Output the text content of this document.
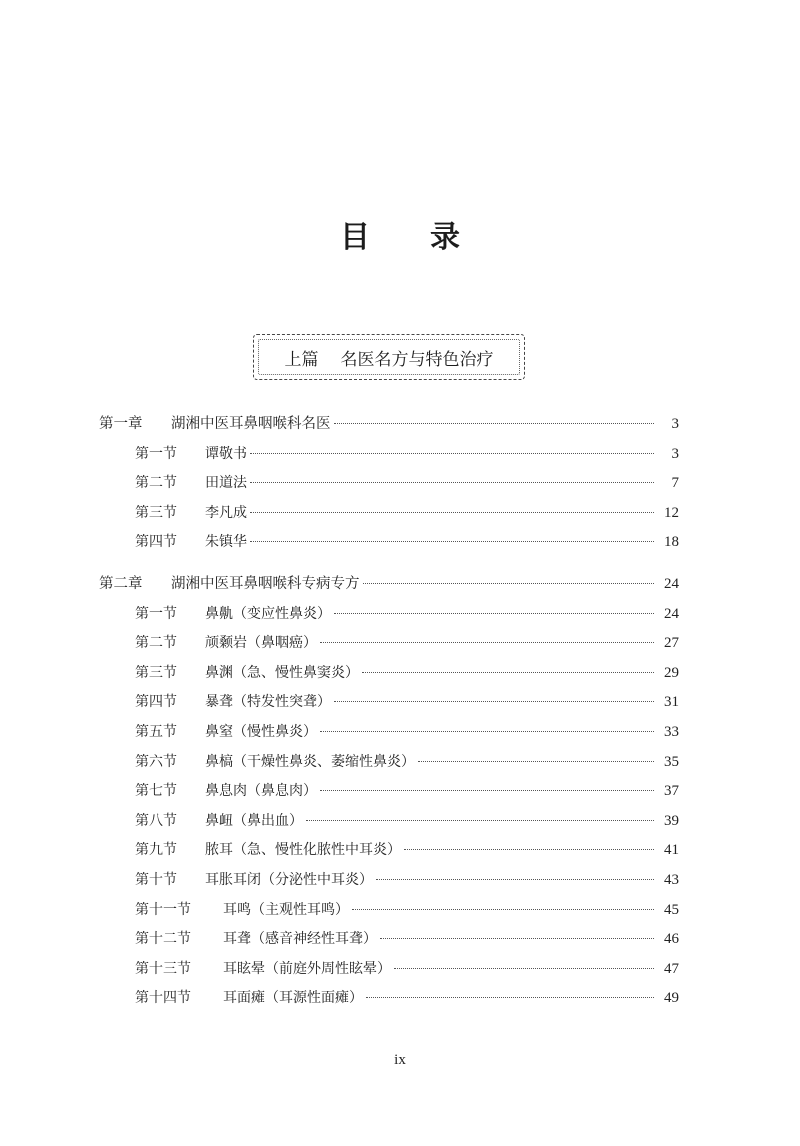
目 录
上篇 名医名方与特色治疗
第一章	湖湘中医耳鼻咽喉科名医	3
第一节	谭敬书	3
第二节	田道法	7
第三节	李凡成	12
第四节	朱镇华	18
第二章	湖湘中医耳鼻咽喉科专病专方	24
第一节	鼻鼽（变应性鼻炎）	24
第二节	颃颡岩（鼻咽癌）	27
第三节	鼻渊（急、慢性鼻窦炎）	29
第四节	暴聋（特发性突聋）	31
第五节	鼻窒（慢性鼻炎）	33
第六节	鼻槁（干燥性鼻炎、萎缩性鼻炎）	35
第七节	鼻息肉（鼻息肉）	37
第八节	鼻衄（鼻出血）	39
第九节	脓耳（急、慢性化脓性中耳炎）	41
第十节	耳胀耳闭（分泌性中耳炎）	43
第十一节	耳鸣（主观性耳鸣）	45
第十二节	耳聋（感音神经性耳聋）	46
第十三节	耳眩晕（前庭外周性眩晕）	47
第十四节	耳面瘫（耳源性面瘫）	49
ix
